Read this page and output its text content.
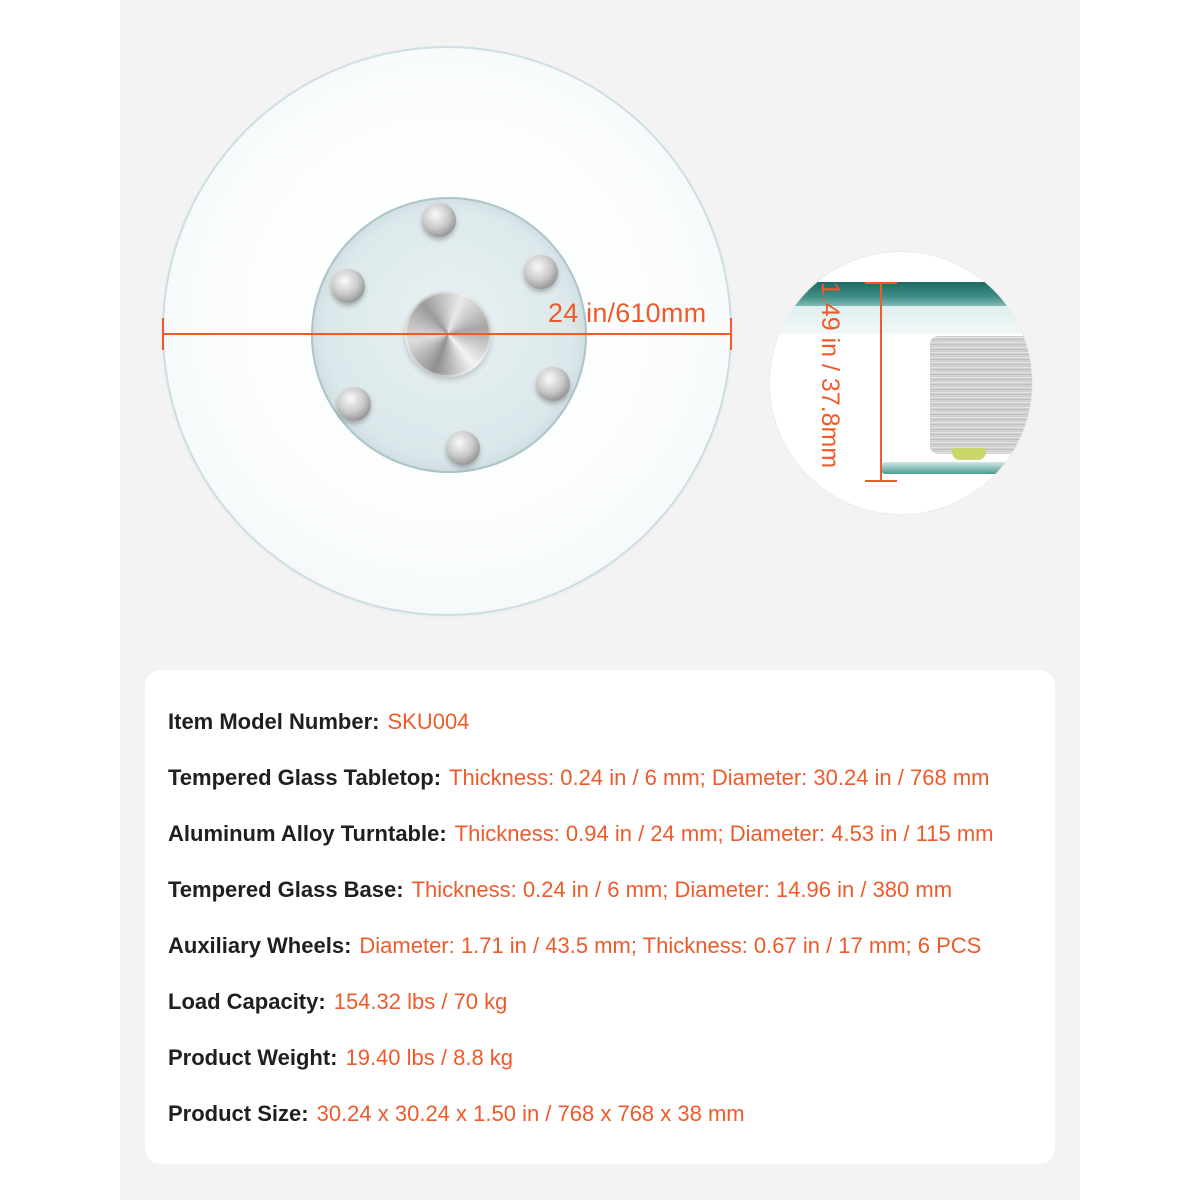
24 in/610mm	1.49 in / 37.8mm
Item Model Number: SKU004
Tempered Glass Tabletop: Thickness: 0.24 in / 6 mm; Diameter: 30.24 in / 768 mm
Aluminum Alloy Turntable: Thickness: 0.94 in / 24 mm; Diameter: 4.53 in / 115 mm
Tempered Glass Base: Thickness: 0.24 in / 6 mm; Diameter: 14.96 in / 380 mm
Auxiliary Wheels: Diameter: 1.71 in / 43.5 mm; Thickness: 0.67 in / 17 mm; 6 PCS
Load Capacity: 154.32 lbs / 70 kg
Product Weight: 19.40 lbs / 8.8 kg
Product Size: 30.24 x 30.24 x 1.50 in / 768 x 768 x 38 mm
